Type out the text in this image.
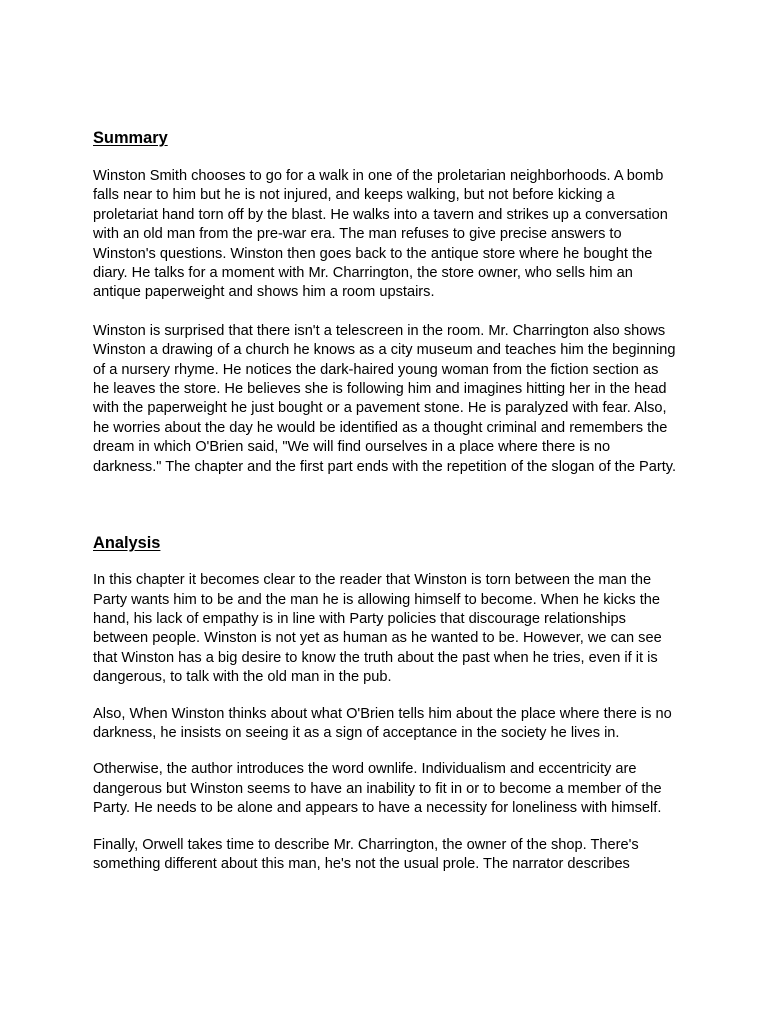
Summary

Winston Smith chooses to go for a walk in one of the proletarian neighborhoods. A bomb falls near to him but he is not injured, and keeps walking, but not before kicking a proletariat hand torn off by the blast. He walks into a tavern and strikes up a conversation with an old man from the pre-war era. The man refuses to give precise answers to Winston's questions. Winston then goes back to the antique store where he bought the diary. He talks for a moment with Mr. Charrington, the store owner, who sells him an antique paperweight and shows him a room upstairs.

Winston is surprised that there isn't a telescreen in the room. Mr. Charrington also shows Winston a drawing of a church he knows as a city museum and teaches him the beginning of a nursery rhyme. He notices the dark-haired young woman from the fiction section as he leaves the store. He believes she is following him and imagines hitting her in the head with the paperweight he just bought or a pavement stone. He is paralyzed with fear. Also, he worries about the day he would be identified as a thought criminal and remembers the dream in which O'Brien said, "We will find ourselves in a place where there is no darkness." The chapter and the first part ends with the repetition of the slogan of the Party.

Analysis

In this chapter it becomes clear to the reader that Winston is torn between the man the Party wants him to be and the man he is allowing himself to become. When he kicks the hand, his lack of empathy is in line with Party policies that discourage relationships between people. Winston is not yet as human as he wanted to be. However, we can see that Winston has a big desire to know the truth about the past when he tries, even if it is dangerous, to talk with the old man in the pub.

Also, When Winston thinks about what O'Brien tells him about the place where there is no darkness, he insists on seeing it as a sign of acceptance in the society he lives in.

Otherwise, the author introduces the word ownlife. Individualism and eccentricity are dangerous but Winston seems to have an inability to fit in or to become a member of the Party. He needs to be alone and appears to have a necessity for loneliness with himself.

Finally, Orwell takes time to describe Mr. Charrington, the owner of the shop. There's something different about this man, he's not the usual prole. The narrator describes
